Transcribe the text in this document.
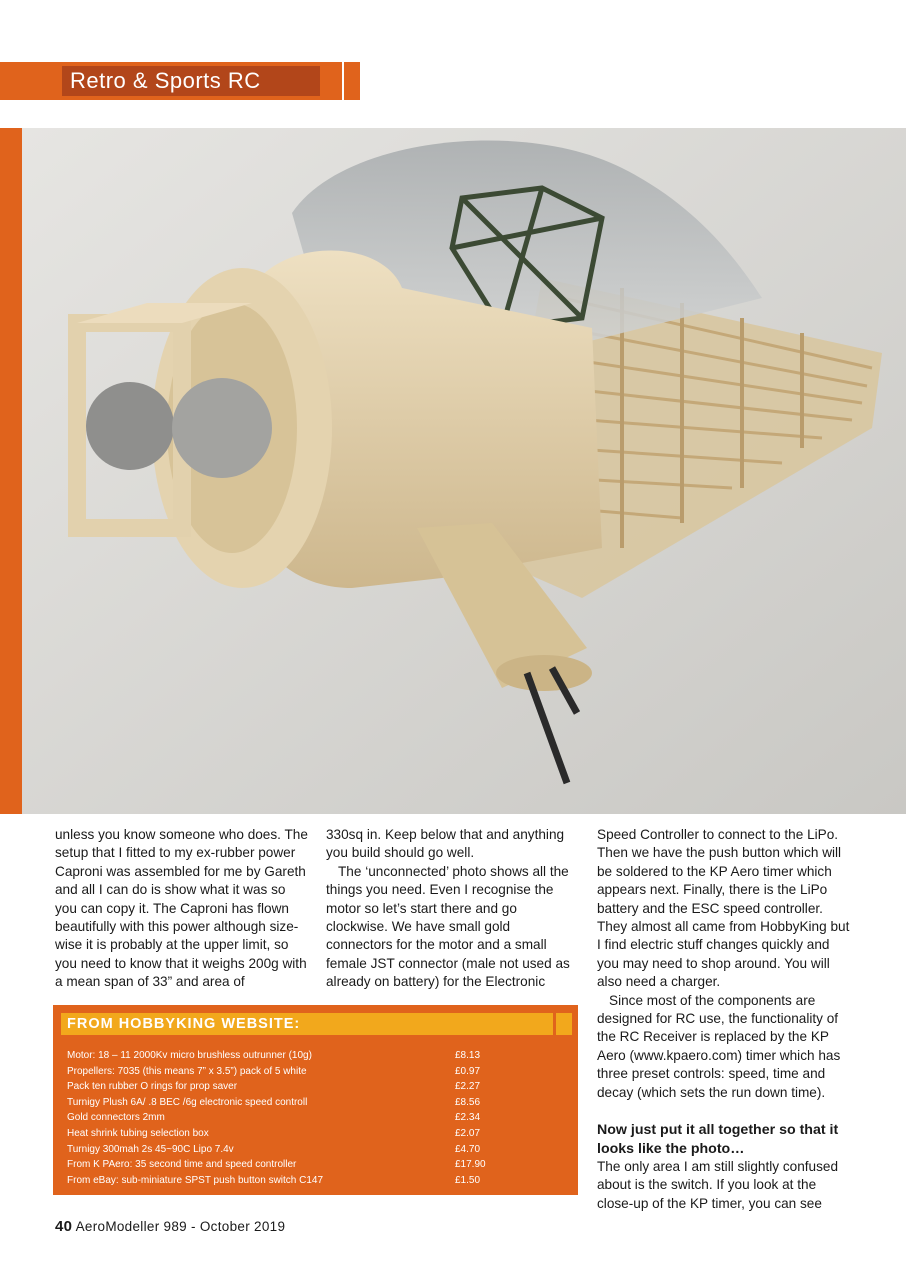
Retro & Sports RC

unless you know someone who does. The setup that I fitted to my ex-rubber power Caproni was assembled for me by Gareth and all I can do is show what it was so you can copy it. The Caproni has flown beautifully with this power although size-wise it is probably at the upper limit, so you need to know that it weighs 200g with a mean span of 33” and area of

330sq in. Keep below that and anything you build should go well.

The ‘unconnected’ photo shows all the things you need. Even I recognise the motor so let’s start there and go clockwise. We have small gold connectors for the motor and a small female JST connector (male not used as already on battery) for the Electronic

Speed Controller to connect to the LiPo. Then we have the push button which will be soldered to the KP Aero timer which appears next. Finally, there is the LiPo battery and the ESC speed controller. They almost all came from HobbyKing but I find electric stuff changes quickly and you may need to shop around. You will also need a charger.

Since most of the components are designed for RC use, the functionality of the RC Receiver is replaced by the KP Aero (www.kpaero.com) timer which has three preset controls: speed, time and decay (which sets the run down time).

Now just put it all together so that it looks like the photo…

The only area I am still slightly confused about is the switch. If you look at the close-up of the KP timer, you can see

FROM HOBBYKING WEBSITE:
Motor: 18 – 11 2000Kv micro brushless outrunner (10g)	£8.13
Propellers: 7035 (this means 7” x 3.5”) pack of 5 white	£0.97
Pack ten rubber O rings for prop saver	£2.27
Turnigy Plush 6A/ .8 BEC /6g electronic speed controll	£8.56
Gold connectors 2mm	£2.34
Heat shrink tubing selection box	£2.07
Turnigy 300mah 2s 45~90C Lipo 7.4v	£4.70
From K PAero: 35 second time and speed controller	£17.90
From eBay: sub-miniature SPST push button switch C147	£1.50
40 AeroModeller 989 - October 2019
